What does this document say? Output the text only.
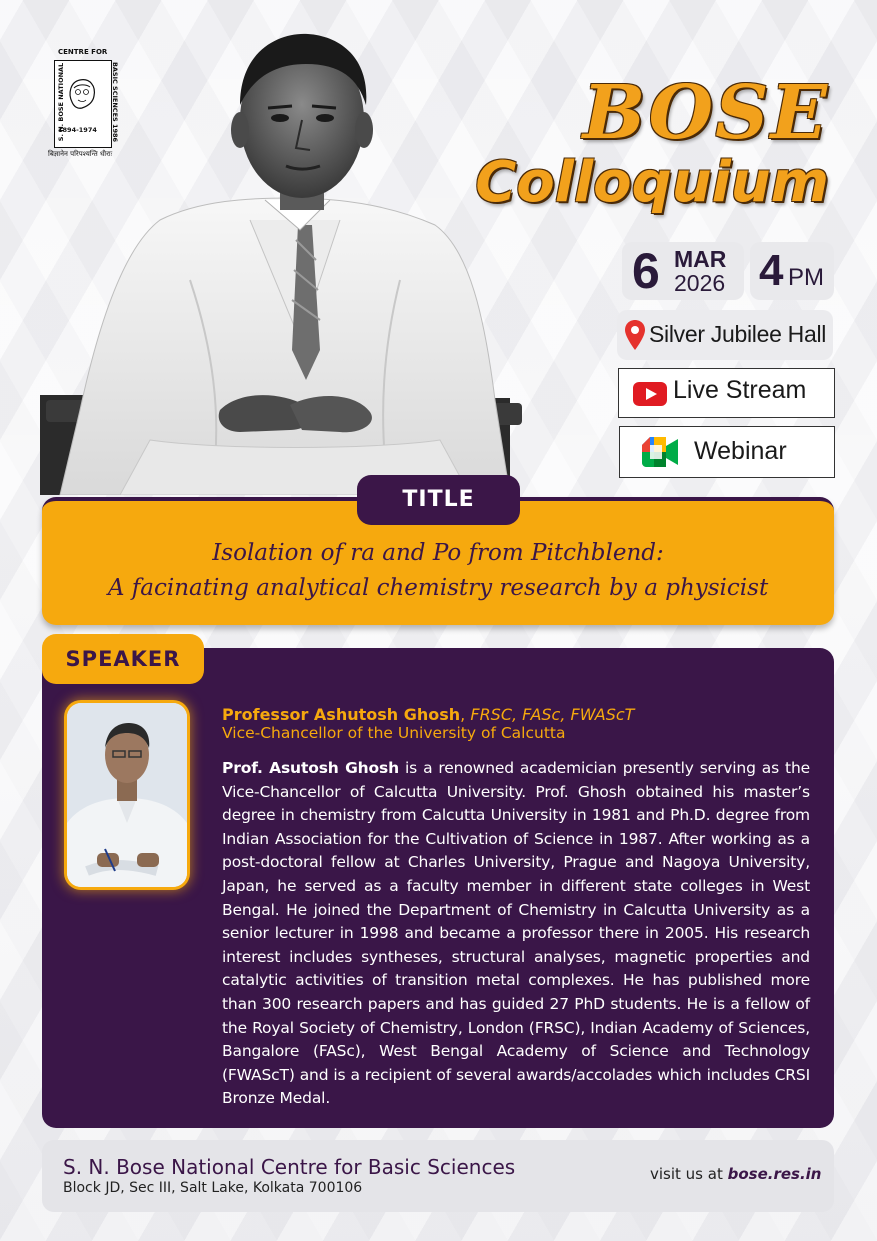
CENTRE FOR
S. N. BOSE NATIONAL	BASIC SCIENCES 1986
1894-1974
बिज्ञानेन परिपश्यन्ति धीराः	BOSE
Colloquium
6 MAR
2026 4 PM
Silver Jubilee Hall
Live Stream
Webinar
TITLE
Isolation of ra and Po from Pitchblend:
A facinating analytical chemistry research by a physicist
SPEAKER
Professor Ashutosh Ghosh, FRSC, FASc, FWAScT
Vice-Chancellor of the University of Calcutta
Prof. Asutosh Ghosh is a renowned academician presently serving as the Vice-Chancellor of Calcutta University. Prof. Ghosh obtained his master’s degree in chemistry from Calcutta University in 1981 and Ph.D. degree from Indian Association for the Cultivation of Science in 1987. After working as a post-doctoral fellow at Charles University, Prague and Nagoya University, Japan, he served as a faculty member in different state colleges in West Bengal. He joined the Department of Chemistry in Calcutta University as a senior lecturer in 1998 and became a professor there in 2005. His research interest includes syntheses, structural analyses, magnetic properties and catalytic activities of transition metal complexes. He has published more than 300 research papers and has guided 27 PhD students. He is a fellow of the Royal Society of Chemistry, London (FRSC), Indian Academy of Sciences, Bangalore (FASc), West Bengal Academy of Science and Technology (FWAScT) and is a recipient of several awards/accolades which includes CRSI Bronze Medal.
S. N. Bose National Centre for Basic Sciences
Block JD, Sec III, Salt Lake, Kolkata 700106
visit us at bose.res.in
